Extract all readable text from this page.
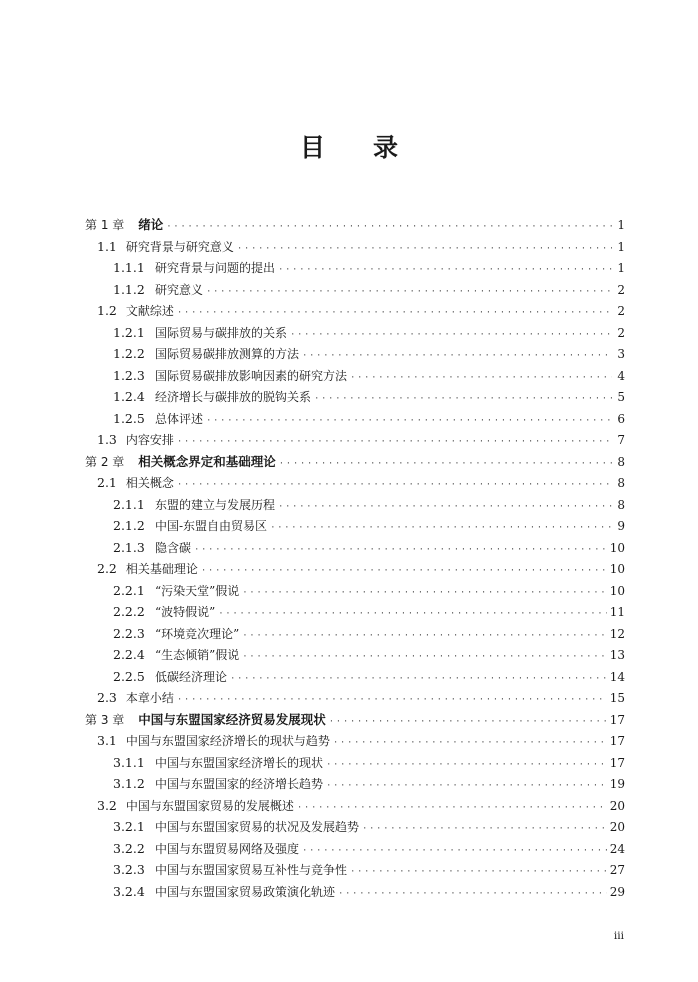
目 录
第 1 章 绪论 ·····	1
1.1 研究背景与研究意义 ·····	1
1.1.1 研究背景与问题的提出 ·····	1
1.1.2 研究意义 ·····	2
1.2 文献综述 ·····	2
1.2.1 国际贸易与碳排放的关系 ·····	2
1.2.2 国际贸易碳排放测算的方法 ·····	3
1.2.3 国际贸易碳排放影响因素的研究方法 ·····	4
1.2.4 经济增长与碳排放的脱钩关系 ·····	5
1.2.5 总体评述 ·····	6
1.3 内容安排 ·····	7
第 2 章 相关概念界定和基础理论 ·····	8
2.1 相关概念 ·····	8
2.1.1 东盟的建立与发展历程 ·····	8
2.1.2 中国-东盟自由贸易区 ·····	9
2.1.3 隐含碳 ·····	10
2.2 相关基础理论 ·····	10
2.2.1 “污染天堂”假说 ·····	10
2.2.2 “波特假说” ·····	11
2.2.3 “环境竞次理论” ·····	12
2.2.4 “生态倾销”假说 ·····	13
2.2.5 低碳经济理论 ·····	14
2.3 本章小结 ·····	15
第 3 章 中国与东盟国家经济贸易发展现状 ·····	17
3.1 中国与东盟国家经济增长的现状与趋势 ·····	17
3.1.1 中国与东盟国家经济增长的现状 ·····	17
3.1.2 中国与东盟国家的经济增长趋势 ·····	19
3.2 中国与东盟国家贸易的发展概述 ·····	20
3.2.1 中国与东盟国家贸易的状况及发展趋势 ·····	20
3.2.2 中国与东盟贸易网络及强度 ·····	24
3.2.3 中国与东盟国家贸易互补性与竞争性 ·····	27
3.2.4 中国与东盟国家贸易政策演化轨迹 ·····	29
iii
